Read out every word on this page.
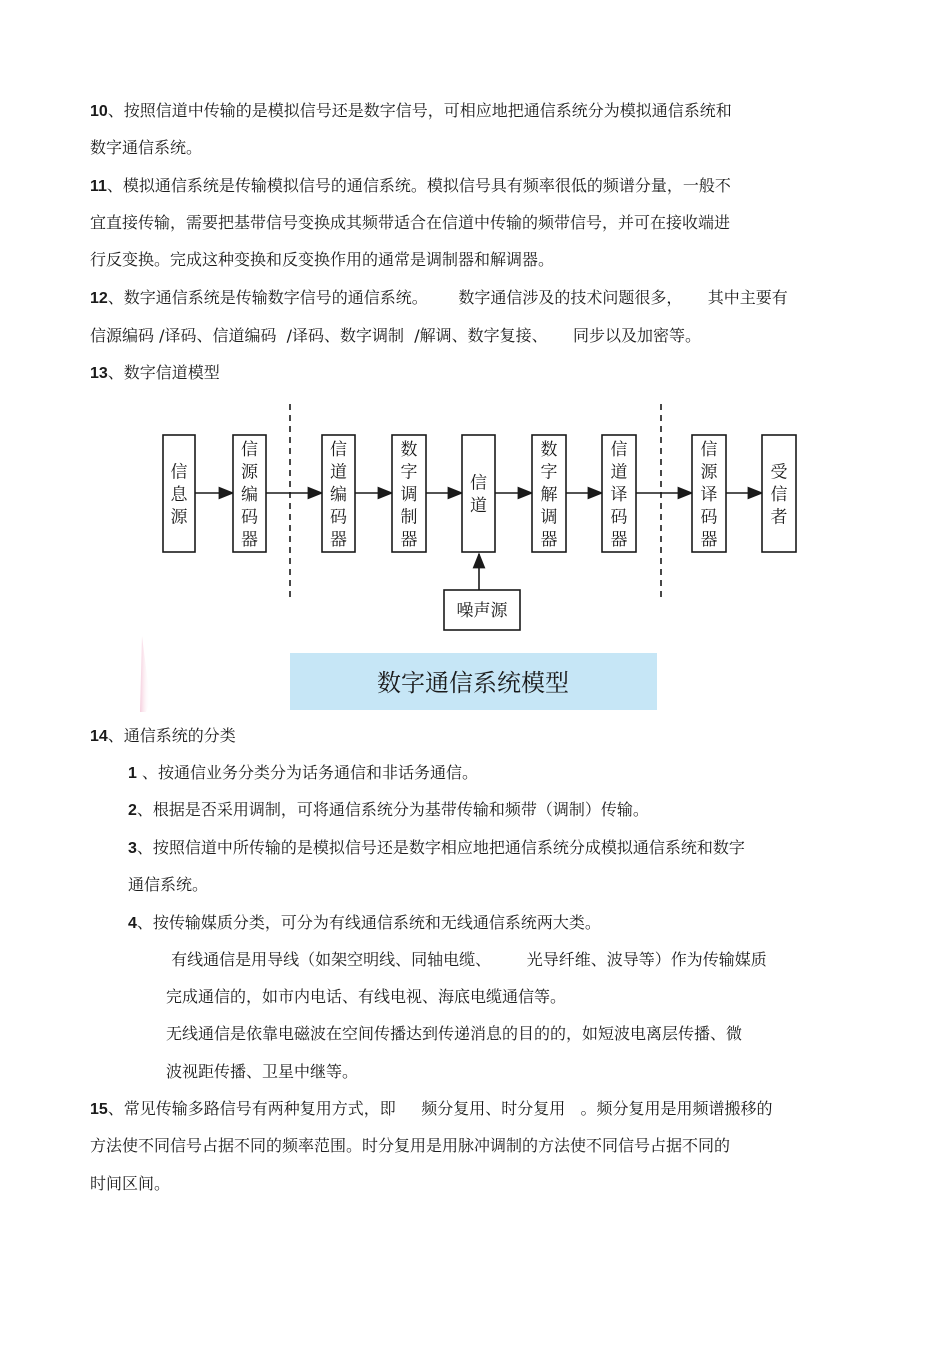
10、按照信道中传输的是模拟信号还是数字信号，可相应地把通信系统分为模拟通信系统和
数字通信系统。
11、模拟通信系统是传输模拟信号的通信系统。模拟信号具有频率很低的频谱分量，一般不
宜直接传输，需要把基带信号变换成其频带适合在信道中传输的频带信号，并可在接收端进
行反变换。完成这种变换和反变换作用的通常是调制器和解调器。
12、数字通信系统是传输数字信号的通信系统。      数字通信涉及的技术问题很多，     其中主要有
信源编码 /译码、信道编码  /译码、数字调制  /解调、数字复接、     同步以及加密等。
13、数字信道模型
信息源
信源编码器
信道编码器
数字调制器
信道
数字解调器
信道译码器
信源译码器
受信者
噪声源
数字通信系统模型
14、通信系统的分类
1 、按通信业务分类分为话务通信和非话务通信。
2、根据是否采用调制，可将通信系统分为基带传输和频带（调制）传输。
3、按照信道中所传输的是模拟信号还是数字相应地把通信系统分成模拟通信系统和数字
通信系统。
4、按传输媒质分类，可分为有线通信系统和无线通信系统两大类。
有线通信是用导线（如架空明线、同轴电缆、       光导纤维、波导等）作为传输媒质
完成通信的，如市内电话、有线电视、海底电缆通信等。
无线通信是依靠电磁波在空间传播达到传递消息的目的的，如短波电离层传播、微
波视距传播、卫星中继等。
15、常见传输多路信号有两种复用方式，即     频分复用、时分复用   。频分复用是用频谱搬移的
方法使不同信号占据不同的频率范围。时分复用是用脉冲调制的方法使不同信号占据不同的
时间区间。
